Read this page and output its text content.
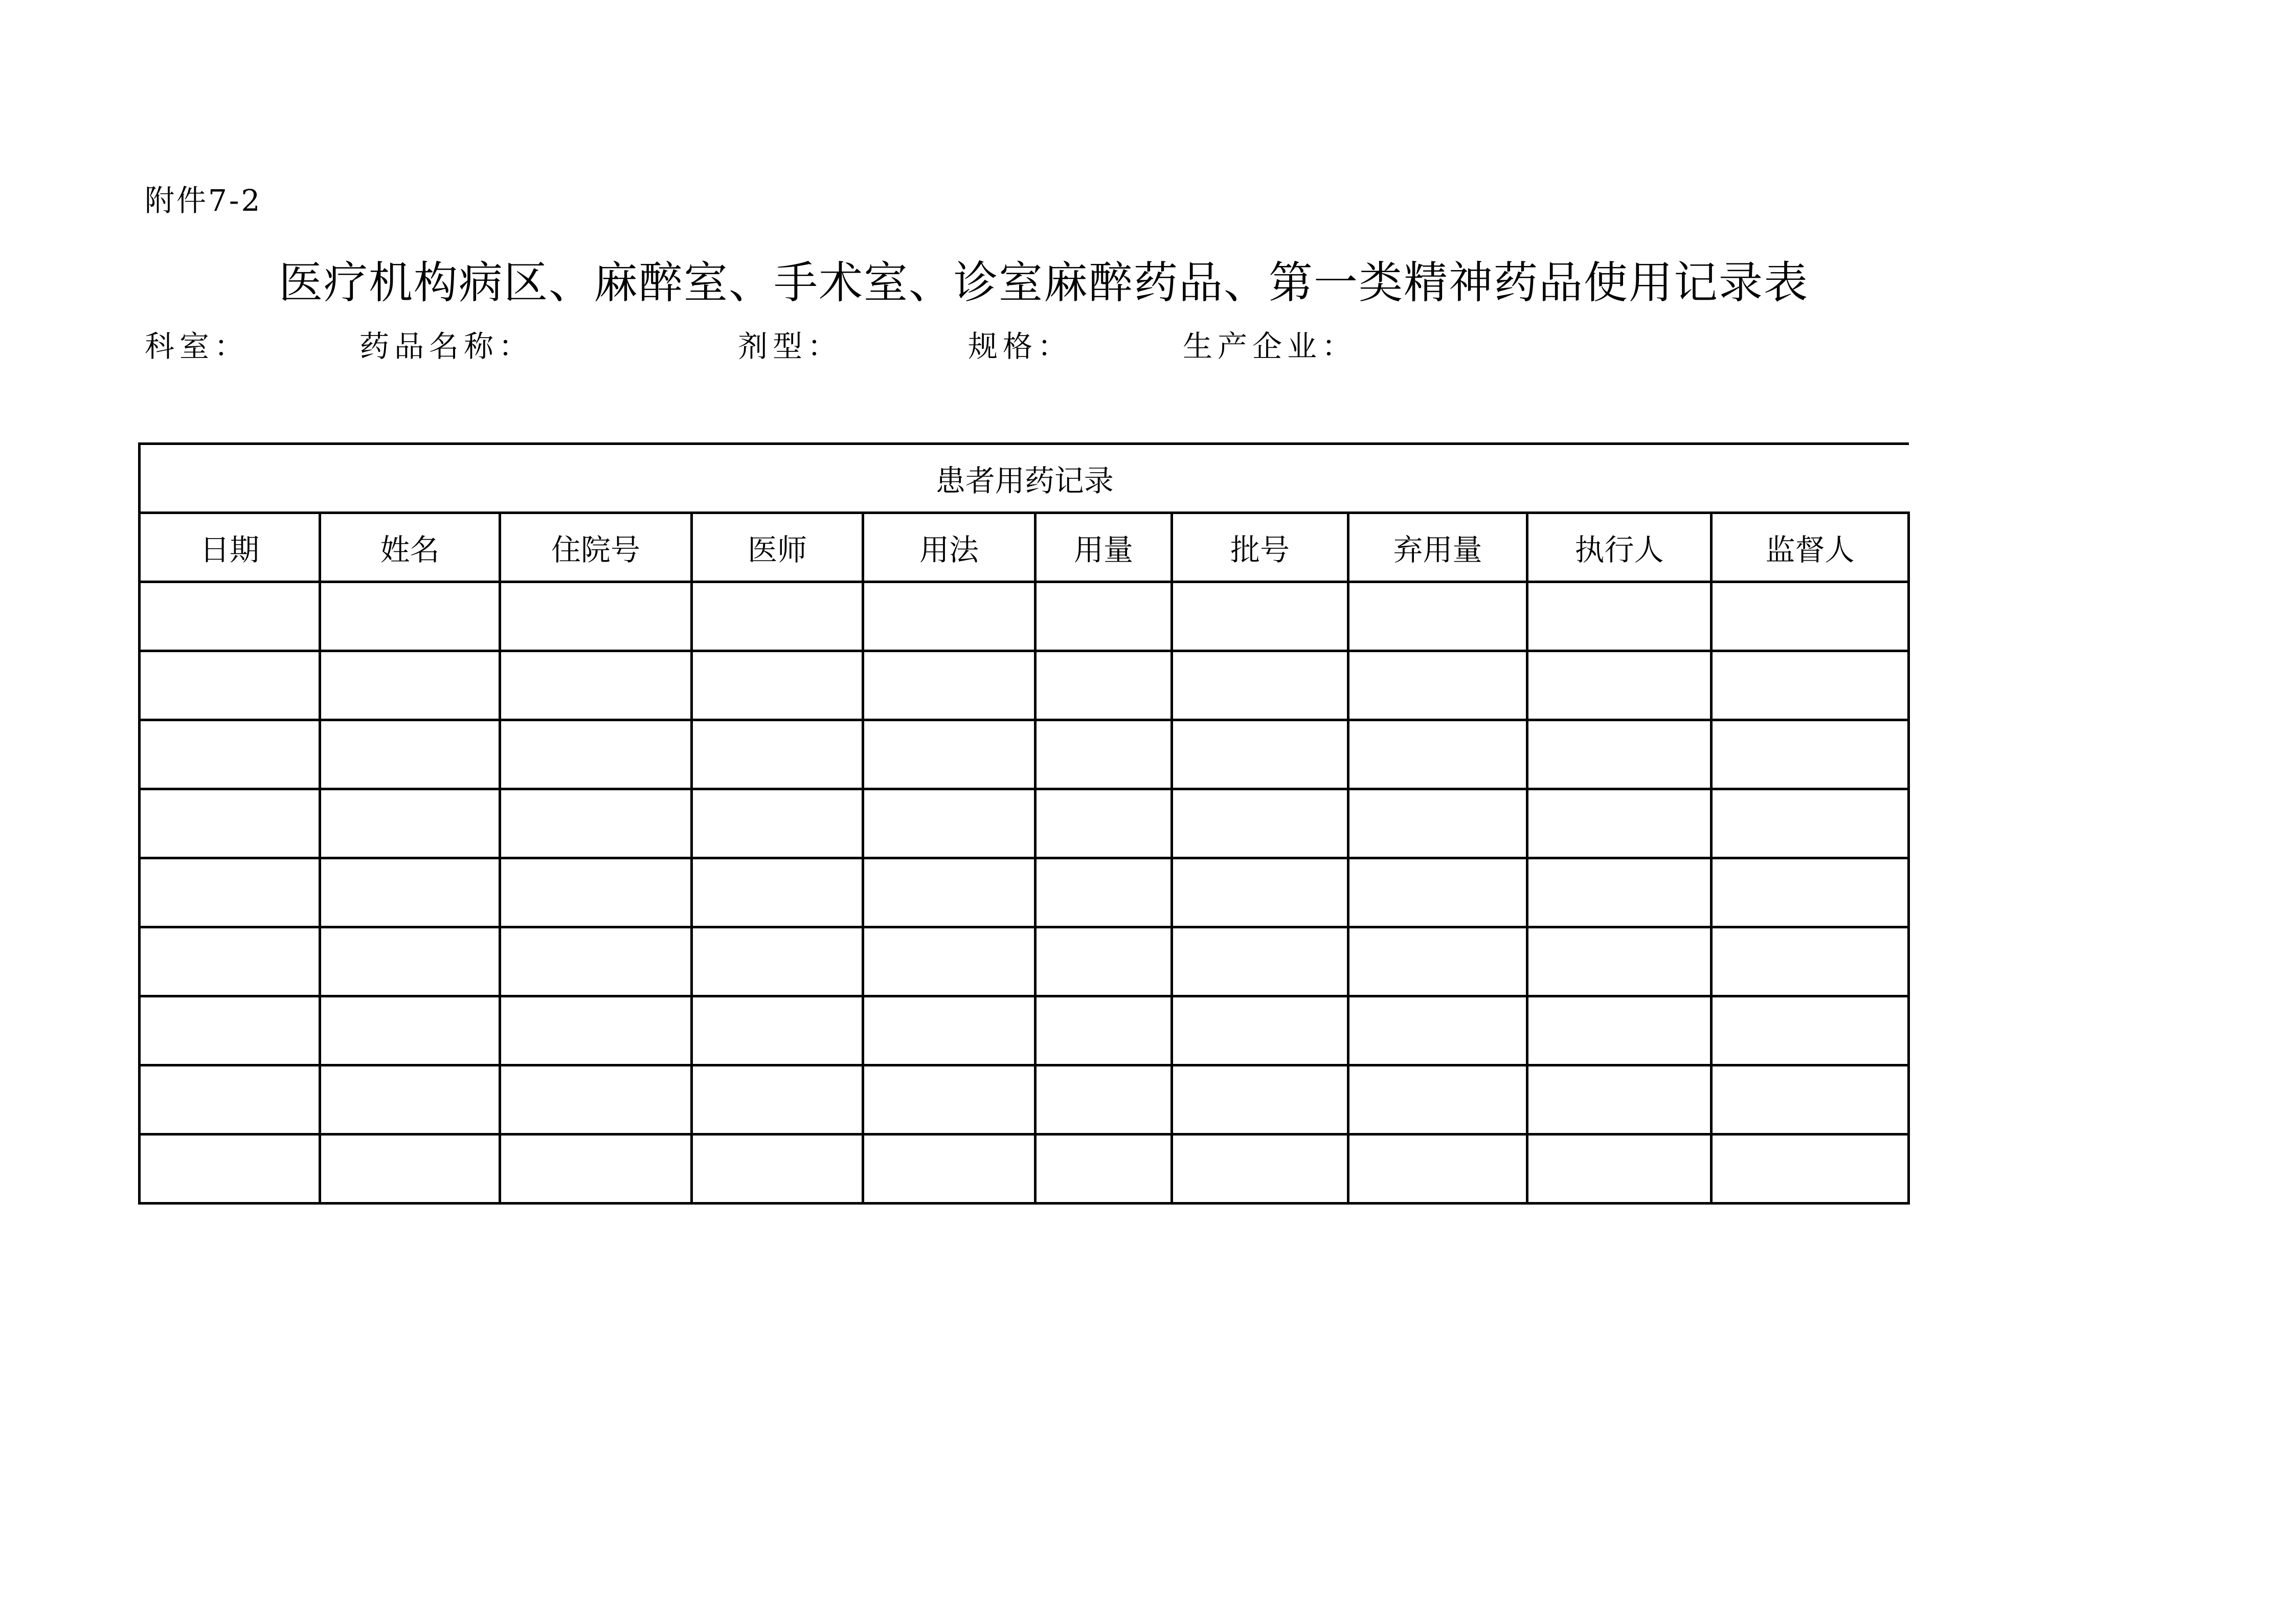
附件7-2
医疗机构病区、麻醉室、手术室、诊室麻醉药品、第一类精神药品使用记录表
科室：	药品名称：	剂型：	规格：	生产企业：
患者用药记录									
日期	姓名	住院号	医师	用法	用量	批号	弃用量	执行人	监督人
